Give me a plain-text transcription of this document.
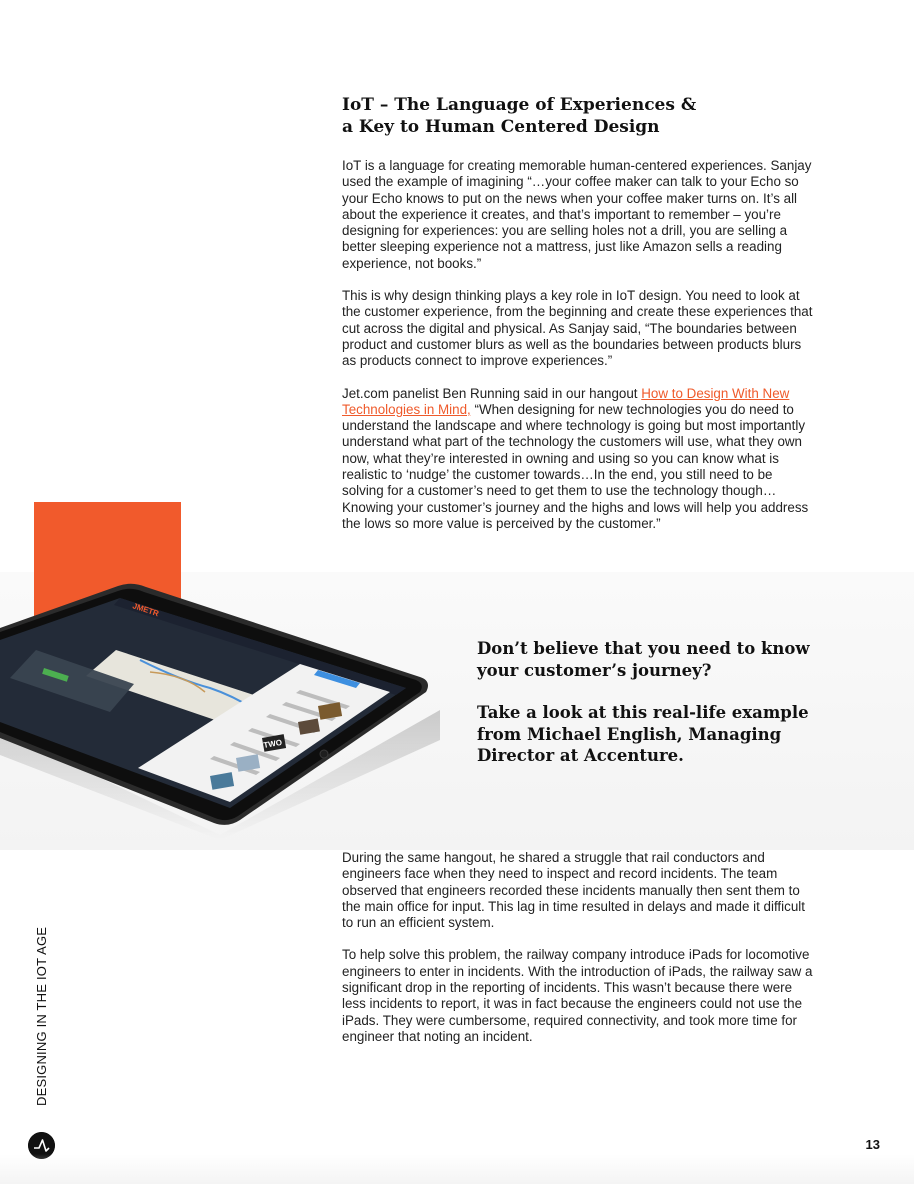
IoT – The Language of Experiences &
a Key to Human Centered Design

IoT is a language for creating memorable human-centered experiences. Sanjay used the example of imagining “…your coffee maker can talk to your Echo so your Echo knows to put on the news when your coffee maker turns on. It’s all about the experience it creates, and that’s important to remember – you’re designing for experiences: you are selling holes not a drill, you are selling a better sleeping experience not a mattress, just like Amazon sells a reading experience, not books.”

This is why design thinking plays a key role in IoT design. You need to look at the customer experience, from the beginning and create these experiences that cut across the digital and physical. As Sanjay said, “The boundaries between product and customer blurs as well as the boundaries between products blurs as products connect to improve experiences.”

Jet.com panelist Ben Running said in our hangout How to Design With New Technologies in Mind, “When designing for new technologies you do need to understand the landscape and where technology is going but most importantly understand what part of the technology the customers will use, what they own now, what they’re interested in owning and using so you can know what is realistic to ‘nudge’ the customer towards…In the end, you still need to be solving for a customer’s need to get them to use the technology though…Knowing your customer’s journey and the highs and lows will help you address the lows so more value is perceived by the customer.”

TWO
JMETR

Don’t believe that you need to know your customer’s journey?

Take a look at this real-life example from Michael English, Managing Director at Accenture.

During the same hangout, he shared a struggle that rail conductors and engineers face when they need to inspect and record incidents. The team observed that engineers recorded these incidents manually then sent them to the main office for input. This lag in time resulted in delays and made it difficult to run an efficient system.

To help solve this problem, the railway company introduce iPads for locomotive engineers to enter in incidents. With the introduction of iPads, the railway saw a significant drop in the reporting of incidents. This wasn’t because there were less incidents to report, it was in fact because the engineers could not use the iPads. They were cumbersome, required connectivity, and took more time for engineer that noting an incident.

DESIGNING IN THE IOT AGE
13
